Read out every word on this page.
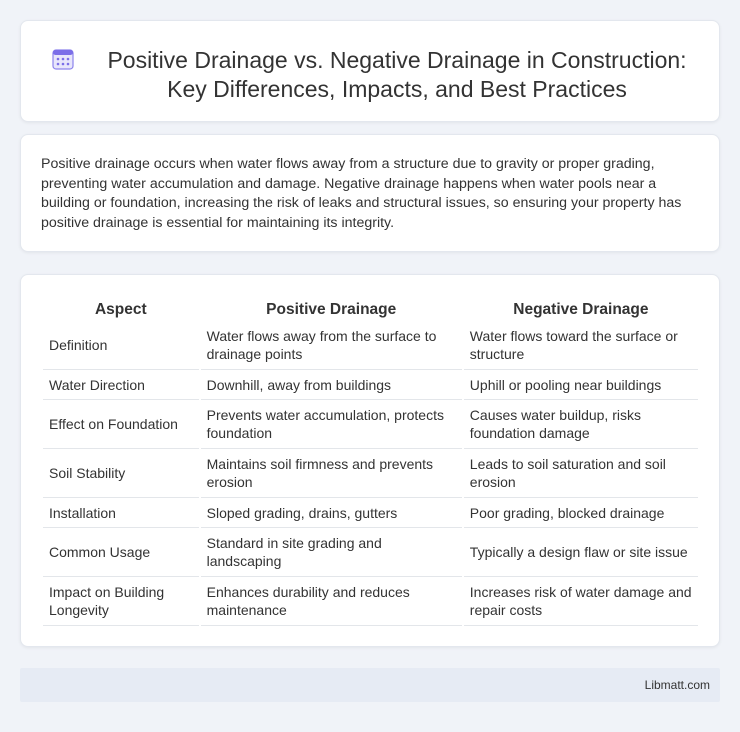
Positive Drainage vs. Negative Drainage in Construction: Key Differences, Impacts, and Best Practices

Positive drainage occurs when water flows away from a structure due to gravity or proper grading, preventing water accumulation and damage. Negative drainage happens when water pools near a building or foundation, increasing the risk of leaks and structural issues, so ensuring your property has positive drainage is essential for maintaining its integrity.

Aspect	Positive Drainage	Negative Drainage
Definition	Water flows away from the surface to drainage points	Water flows toward the surface or structure
Water Direction	Downhill, away from buildings	Uphill or pooling near buildings
Effect on Foundation	Prevents water accumulation, protects foundation	Causes water buildup, risks foundation damage
Soil Stability	Maintains soil firmness and prevents erosion	Leads to soil saturation and soil erosion
Installation	Sloped grading, drains, gutters	Poor grading, blocked drainage
Common Usage	Standard in site grading and landscaping	Typically a design flaw or site issue
Impact on Building Longevity	Enhances durability and reduces maintenance	Increases risk of water damage and repair costs
Libmatt.com
